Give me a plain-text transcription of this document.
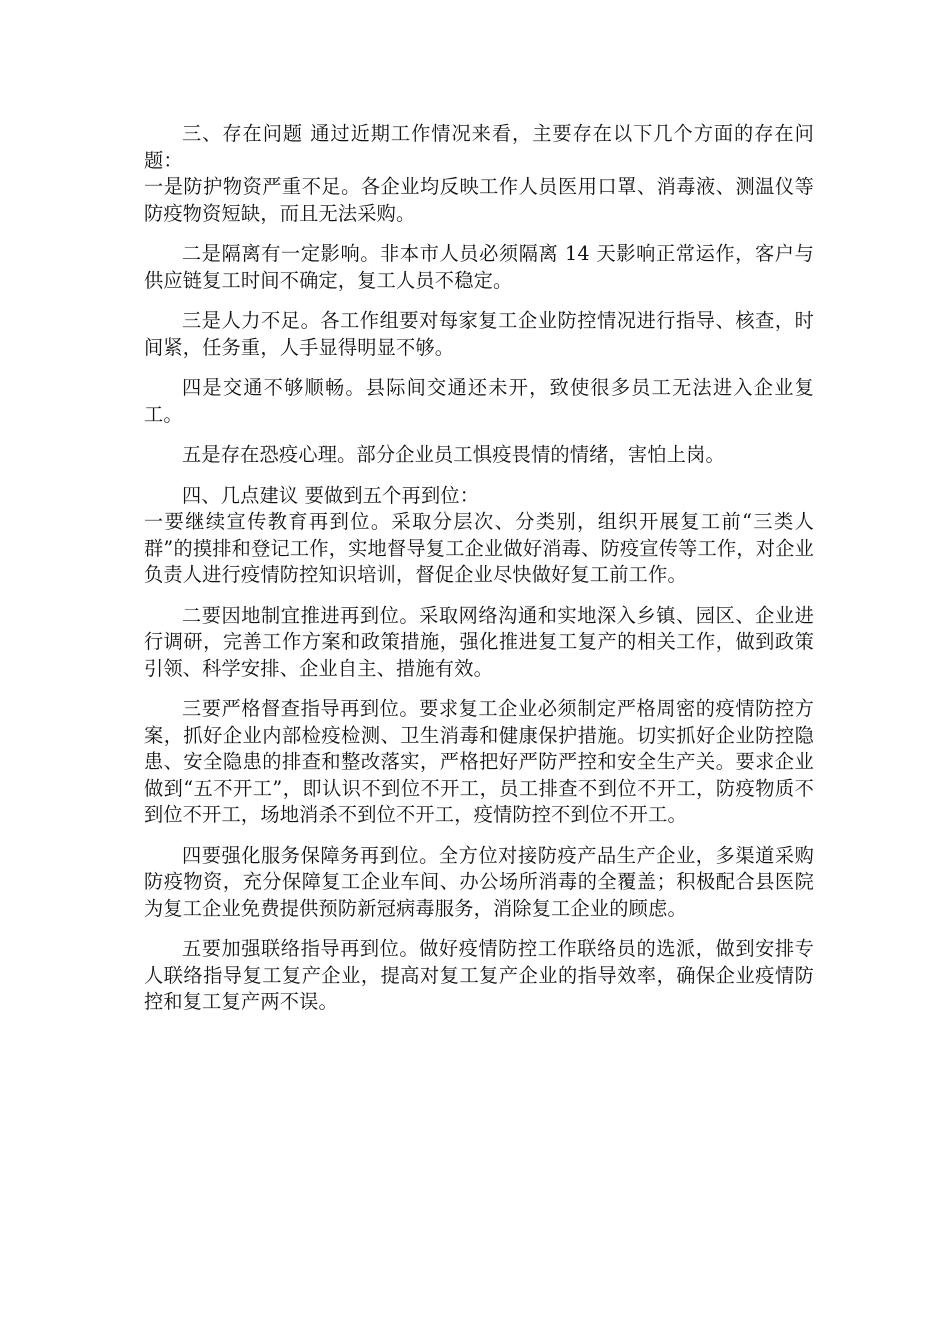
三、存在问题 通过近期工作情况来看，主要存在以下几个方面的存在问题：

一是防护物资严重不足。各企业均反映工作人员医用口罩、消毒液、测温仪等防疫物资短缺，而且无法采购。

二是隔离有一定影响。非本市人员必须隔离 14 天影响正常运作，客户与供应链复工时间不确定，复工人员不稳定。

三是人力不足。各工作组要对每家复工企业防控情况进行指导、核查，时间紧，任务重，人手显得明显不够。

四是交通不够顺畅。县际间交通还未开，致使很多员工无法进入企业复工。

五是存在恐疫心理。部分企业员工惧疫畏情的情绪，害怕上岗。

四、几点建议 要做到五个再到位：

一要继续宣传教育再到位。采取分层次、分类别，组织开展复工前“三类人群”的摸排和登记工作，实地督导复工企业做好消毒、防疫宣传等工作，对企业负责人进行疫情防控知识培训，督促企业尽快做好复工前工作。

二要因地制宜推进再到位。采取网络沟通和实地深入乡镇、园区、企业进行调研，完善工作方案和政策措施，强化推进复工复产的相关工作，做到政策引领、科学安排、企业自主、措施有效。

三要严格督查指导再到位。要求复工企业必须制定严格周密的疫情防控方案，抓好企业内部检疫检测、卫生消毒和健康保护措施。切实抓好企业防控隐患、安全隐患的排查和整改落实，严格把好严防严控和安全生产关。要求企业做到“五不开工”，即认识不到位不开工，员工排查不到位不开工，防疫物质不到位不开工，场地消杀不到位不开工，疫情防控不到位不开工。

四要强化服务保障务再到位。全方位对接防疫产品生产企业，多渠道采购防疫物资，充分保障复工企业车间、办公场所消毒的全覆盖；积极配合县医院为复工企业免费提供预防新冠病毒服务，消除复工企业的顾虑。

五要加强联络指导再到位。做好疫情防控工作联络员的选派，做到安排专人联络指导复工复产企业，提高对复工复产企业的指导效率，确保企业疫情防控和复工复产两不误。
